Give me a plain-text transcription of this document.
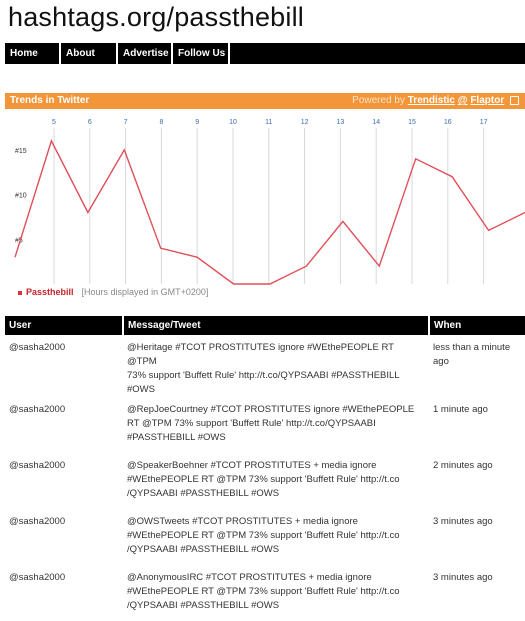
hashtags.org/passthebill
Home	About	Advertise Follow Us
Trends in Twitter	Powered by Trendistic @ Flaptor
5	6	7	8	9	10	11	12	13	14	15	16	17
#15
#10
#5
Passthebill [Hours displayed in GMT+0200]
User	Message/Tweet	When
@sasha2000	@Heritage #TCOT PROSTITUTES ignore #WEthePEOPLE RT @TPM
73% support 'Buffett Rule' http://t.co/QYPSAABI #PASSTHEBILL #OWS	less than a minute
ago
@sasha2000	@RepJoeCourtney #TCOT PROSTITUTES ignore #WEthePEOPLE
RT @TPM 73% support 'Buffett Rule' http://t.co/QYPSAABI
#PASSTHEBILL #OWS	1 minute ago
@sasha2000	@SpeakerBoehner #TCOT PROSTITUTES + media ignore
#WEthePEOPLE RT @TPM 73% support 'Buffett Rule' http://t.co
/QYPSAABI #PASSTHEBILL #OWS	2 minutes ago
@sasha2000	@OWSTweets #TCOT PROSTITUTES + media ignore
#WEthePEOPLE RT @TPM 73% support 'Buffett Rule' http://t.co
/QYPSAABI #PASSTHEBILL #OWS	3 minutes ago
@sasha2000	@AnonymousIRC #TCOT PROSTITUTES + media ignore
#WEthePEOPLE RT @TPM 73% support 'Buffett Rule' http://t.co
/QYPSAABI #PASSTHEBILL #OWS	3 minutes ago
